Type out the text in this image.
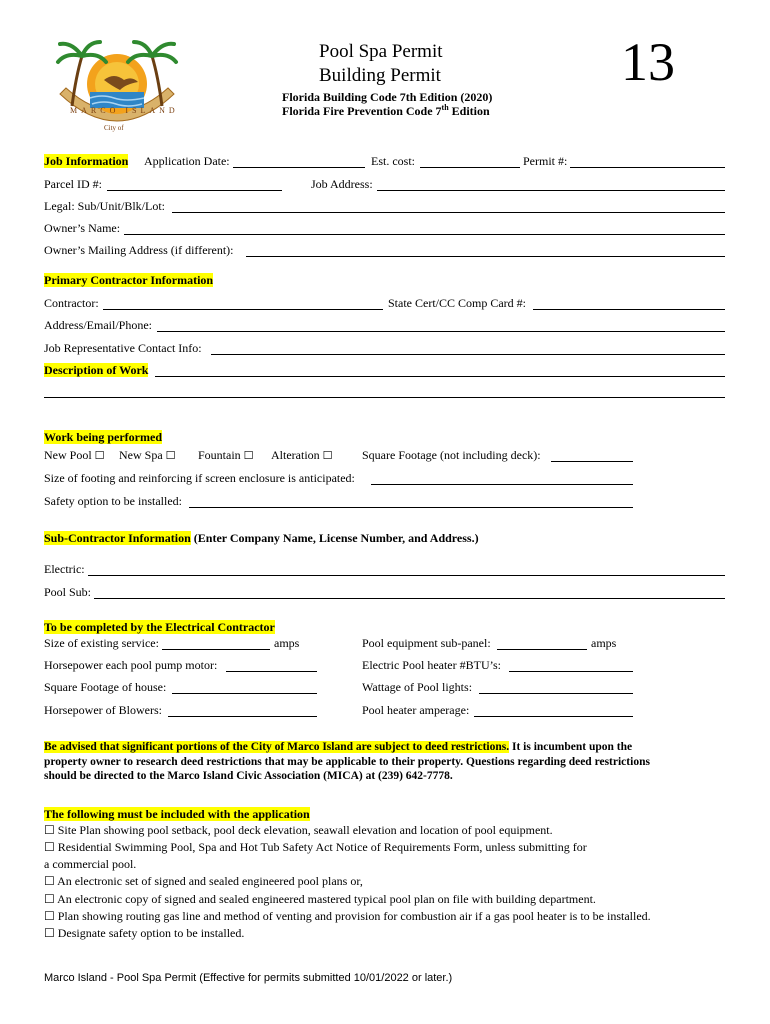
MARCO ISLAND
City of
Pool Spa Permit
Building Permit
Florida Building Code 7th Edition (2020)
Florida Fire Prevention Code 7th Edition
13
Job Information Application Date:	Est. cost:	Permit #:
Parcel ID #:	Job Address:
Legal: Sub/Unit/Blk/Lot:
Owner’s Name:
Owner’s Mailing Address (if different):
Primary Contractor Information
Contractor:	State Cert/CC Comp Card #:
Address/Email/Phone:
Job Representative Contact Info:
Description of Work
Work being performed
New Pool ☐ New Spa ☐ Fountain ☐ Alteration ☐ Square Footage (not including deck):
Size of footing and reinforcing if screen enclosure is anticipated:
Safety option to be installed:
Sub-Contractor Information (Enter Company Name, License Number, and Address.)
Electric:
Pool Sub:
To be completed by the Electrical Contractor
Size of existing service:	amps	Pool equipment sub-panel:	amps
Horsepower each pool pump motor:	Electric Pool heater #BTU’s:
Square Footage of house:	Wattage of Pool lights:
Horsepower of Blowers:	Pool heater amperage:
Be advised that significant portions of the City of Marco Island are subject to deed restrictions. It is incumbent upon the
property owner to research deed restrictions that may be applicable to their property. Questions regarding deed restrictions
should be directed to the Marco Island Civic Association (MICA) at (239) 642-7778.
The following must be included with the application
☐ Site Plan showing pool setback, pool deck elevation, seawall elevation and location of pool equipment.
☐ Residential Swimming Pool, Spa and Hot Tub Safety Act Notice of Requirements Form, unless submitting for
a commercial pool.
☐ An electronic set of signed and sealed engineered pool plans or,
☐ An electronic copy of signed and sealed engineered mastered typical pool plan on file with building department.
☐ Plan showing routing gas line and method of venting and provision for combustion air if a gas pool heater is to be installed.
☐ Designate safety option to be installed.
Marco Island - Pool Spa Permit (Effective for permits submitted 10/01/2022 or later.)
